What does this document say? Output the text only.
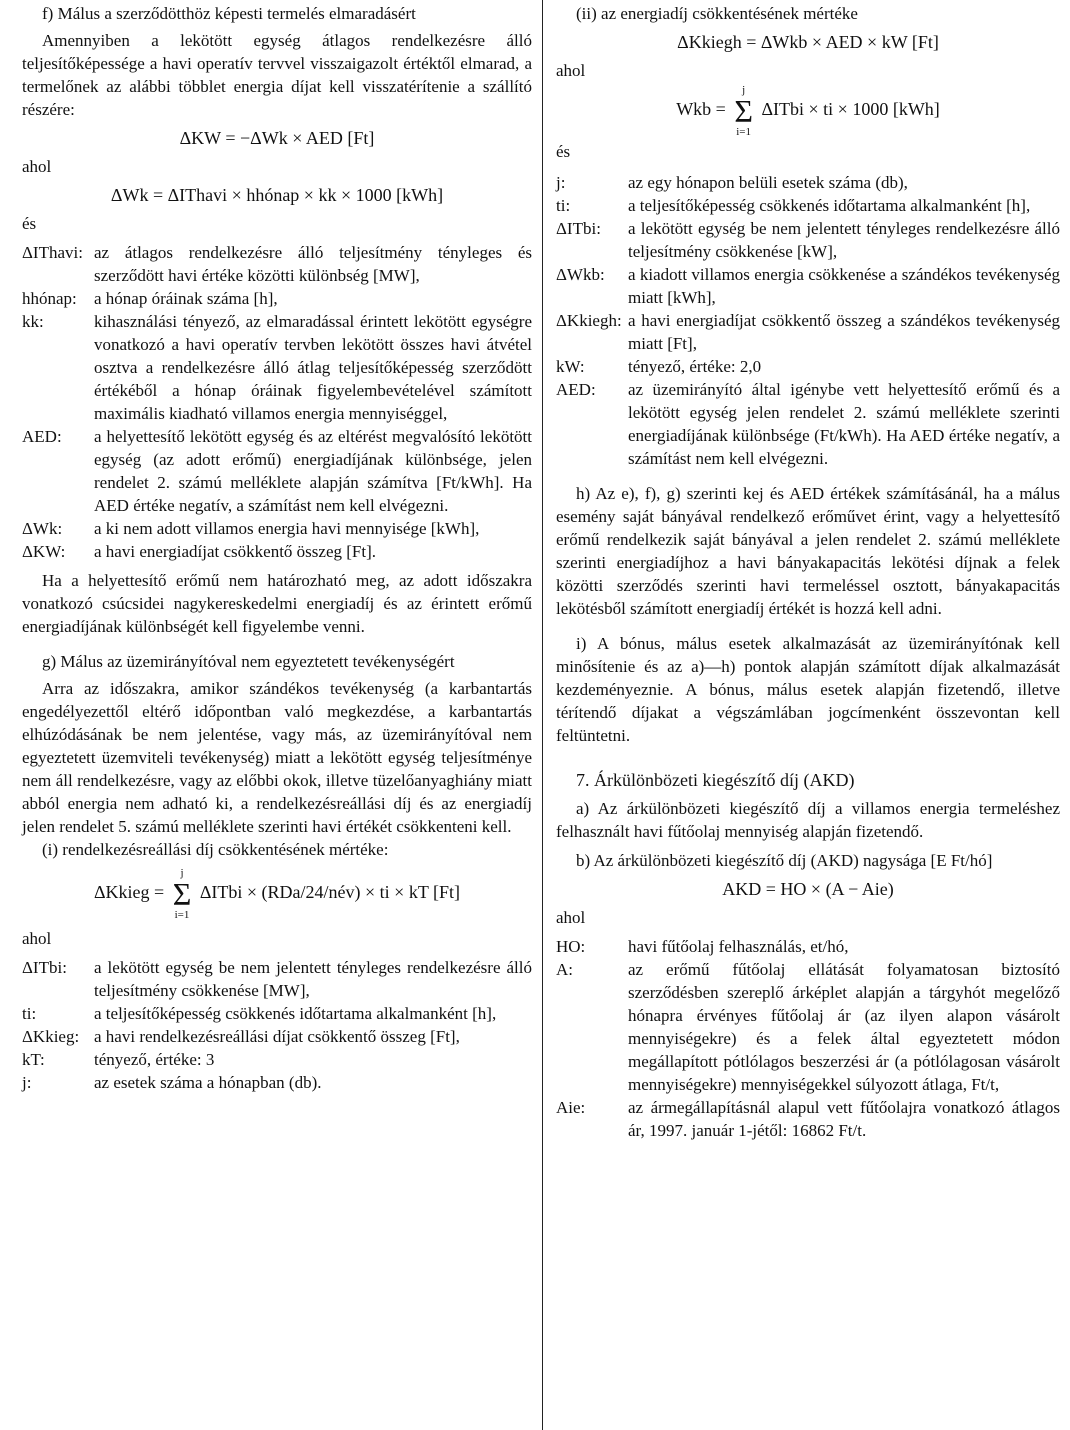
f) Málus a szerződötthöz képesti termelés elmaradásért

Amennyiben a lekötött egység átlagos rendelkezésre álló teljesítőképessége a havi operatív tervvel visszaigazolt értéktől elmarad, a termelőnek az alábbi többlet energia díjat kell visszatérítenie a szállító részére:

ΔKW = −ΔWk × AED [Ft]

ahol

ΔWk = ΔIThavi × hhónap × kk × 1000 [kWh]

és

ΔIThavi: az átlagos rendelkezésre álló teljesítmény tényleges és szerződött havi értéke közötti különbség [MW],
hhónap:	a hónap óráinak száma [h],
kk:	kihasználási tényező, az elmaradással érintett lekötött egységre vonatkozó a havi operatív tervben lekötött összes havi átvétel osztva a rendelkezésre álló átlag teljesítőképesség szerződött értékéből a hónap óráinak figyelembevételével számított maximális kiadható villamos energia mennyiséggel,
AED:	a helyettesítő lekötött egység és az eltérést megvalósító lekötött egység (az adott erőmű) energiadíjának különbsége, jelen rendelet 2. számú melléklete alapján számítva [Ft/kWh]. Ha AED értéke negatív, a számítást nem kell elvégezni.
ΔWk:	a ki nem adott villamos energia havi mennyisége [kWh],
ΔKW:	a havi energiadíjat csökkentő összeg [Ft].

Ha a helyettesítő erőmű nem határozható meg, az adott időszakra vonatkozó csúcsidei nagykereskedelmi energiadíj és az érintett erőmű energiadíjának különbségét kell figyelembe venni.

g) Málus az üzemirányítóval nem egyeztetett tevékenységért

Arra az időszakra, amikor szándékos tevékenység (a karbantartás engedélyezettől eltérő időpontban való megkezdése, a karbantartás elhúzódásának be nem jelentése, vagy más, az üzemirányítóval nem egyeztetett üzemviteli tevékenység) miatt a lekötött egység teljesítménye nem áll rendelkezésre, vagy az előbbi okok, illetve tüzelőanyaghiány miatt abból energia nem adható ki, a rendelkezésreállási díj és az energiadíj jelen rendelet 5. számú melléklete szerinti havi értékét csökkenteni kell.

(i) rendelkezésreállási díj csökkentésének mértéke:

ΔKkieg =
j
Σ
i=1
ΔITbi × (RDa/24/név) × ti × kT [Ft]

ahol

ΔITbi:	a lekötött egység be nem jelentett tényleges rendelkezésre álló teljesítmény csökkenése [MW],
ti:	a teljesítőképesség csökkenés időtartama alkalmanként [h],
ΔKkieg: a havi rendelkezésreállási díjat csökkentő összeg [Ft],
kT:	tényező, értéke: 3
j:	az esetek száma a hónapban (db).

(ii) az energiadíj csökkentésének mértéke

ΔKkiegh = ΔWkb × AED × kW [Ft]

ahol

Wkb =
j
Σ
i=1
ΔITbi × ti × 1000 [kWh]

és

j:	az egy hónapon belüli esetek száma (db),
ti:	a teljesítőképesség csökkenés időtartama alkalmanként [h],
ΔITbi:	a lekötött egység be nem jelentett tényleges rendelkezésre álló teljesítmény csökkenése [kW],
ΔWkb:	a kiadott villamos energia csökkenése a szándékos tevékenység miatt [kWh],
ΔKkiegh: a havi energiadíjat csökkentő összeg a szándékos tevékenység miatt [Ft],
kW:	tényező, értéke: 2,0
AED:	az üzemirányító által igénybe vett helyettesítő erőmű és a lekötött egység jelen rendelet 2. számú melléklete szerinti energiadíjának különbsége (Ft/kWh). Ha AED értéke negatív, a számítást nem kell elvégezni.

h) Az e), f), g) szerinti kej és AED értékek számításánál, ha a málus esemény saját bányával rendelkező erőművet érint, vagy a helyettesítő erőmű rendelkezik saját bányával a jelen rendelet 2. számú melléklete szerinti energiadíjhoz a havi bányakapacitás lekötési díjnak a felek közötti szerződés szerinti havi termeléssel osztott, bányakapacitás lekötésből számított energiadíj értékét is hozzá kell adni.

i) A bónus, málus esetek alkalmazását az üzemirányítónak kell minősítenie és az a)—h) pontok alapján számított díjak alkalmazását kezdeményeznie. A bónus, málus esetek alapján fizetendő, illetve térítendő díjakat a végszámlában jogcímenként összevontan kell feltüntetni.

7. Árkülönbözeti kiegészítő díj (AKD)

a) Az árkülönbözeti kiegészítő díj a villamos energia termeléshez felhasznált havi fűtőolaj mennyiség alapján fizetendő.

b) Az árkülönbözeti kiegészítő díj (AKD) nagysága [E Ft/hó]

AKD = HO × (A − Aie)

ahol

HO:	havi fűtőolaj felhasználás, et/hó,
A:	az erőmű fűtőolaj ellátását folyamatosan biztosító szerződésben szereplő árképlet alapján a tárgyhót megelőző hónapra érvényes fűtőolaj ár (az ilyen alapon vásárolt mennyiségekre) és a felek által egyeztetett módon megállapított pótlólagos beszerzési ár (a pótlólagosan vásárolt mennyiségekre) mennyiségekkel súlyozott átlaga, Ft/t,
Aie:	az ármegállapításnál alapul vett fűtőolajra vonatkozó átlagos ár, 1997. január 1-jétől: 16862 Ft/t.
